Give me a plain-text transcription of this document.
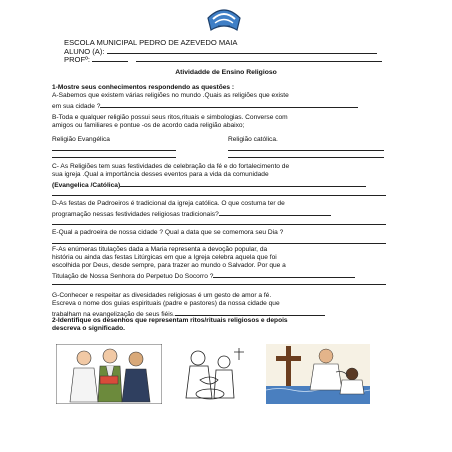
ESCOLA MUNICIPAL PEDRO DE AZEVEDO MAIA
ALUNO (A):
PROFº:
Atividadde de Ensino Religioso
1-Mostre seus conhecimentos respondendo as questões :
A-Sabemos que existem várias religiões no mundo .Quais as religiões que existe
em sua cidade ?
B-Toda e qualquer religião possui seus ritos,rituais e simbologias. Converse com
amigos ou familiares e pontue -os de acordo cada religião abaixo;
Religião Evangélica	Religião católica.
C- As Religiões tem suas festividades de celebração da fé e do fortalecimento de
sua igreja .Qual a importância desses eventos para a vida da comunidade
(Evangelica /Católica)
D-As festas de Padroeiros é tradicional da igreja católica. O que costuma ter de
programação nessas festividades religiosas tradicionais?
E-Qual a padroeira de nossa cidade ? Qual a data que se comemora seu Dia ?
F-As enúmeras titulações dada a Maria representa a devoção popular, da
história ou ainda das festas Litúrgicas em que a Igreja celebra aquela que foi
escolhida por Deus, desde sempre, para trazer ao mundo o Salvador. Por que a
Titulação de Nossa Senhora do Perpetuo Do Socorro ?
G-Conhecer e respeitar as divesidades religiosas é um gesto de amor a fé.
Escreva o nome dos guias espirituais (padre e pastores) da nossa cidade que
trabalham na evangelização de seus fiéis.
2-Identifique os desenhos que representam ritos/rituais religiosos e depois
descreva o significado.
